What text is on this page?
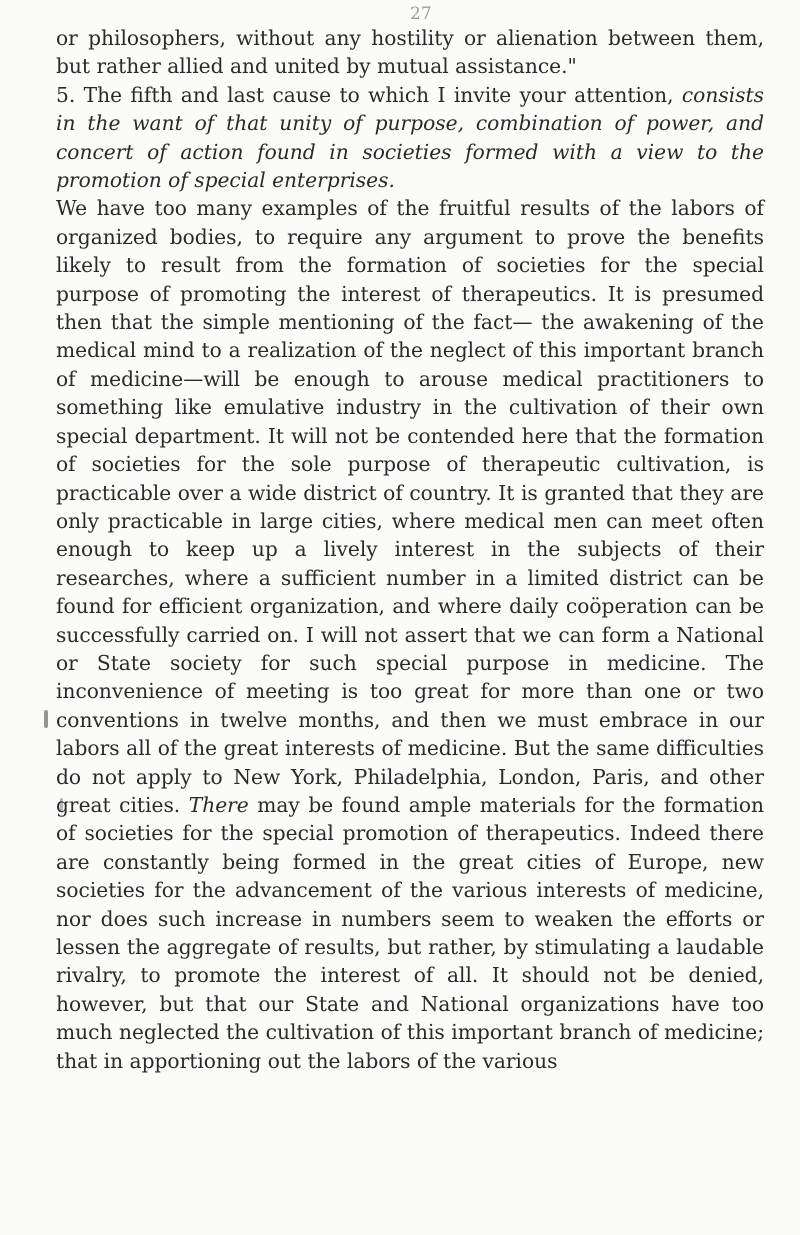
27

or philosophers, without any hostility or alienation between them, but rather allied and united by mutual assistance."

5. The fifth and last cause to which I invite your attention, consists in the want of that unity of purpose, combination of power, and concert of action found in societies formed with a view to the promotion of special enterprises.

We have too many examples of the fruitful results of the labors of organized bodies, to require any argument to prove the benefits likely to result from the formation of societies for the special purpose of promoting the interest of therapeutics. It is presumed then that the simple mentioning of the fact— the awakening of the medical mind to a realization of the neglect of this important branch of medicine—will be enough to arouse medical practitioners to something like emulative industry in the cultivation of their own special department. It will not be contended here that the formation of societies for the sole purpose of therapeutic cultivation, is practicable over a wide district of country. It is granted that they are only practicable in large cities, where medical men can meet often enough to keep up a lively interest in the subjects of their researches, where a sufficient number in a limited district can be found for efficient organization, and where daily coöperation can be successfully carried on. I will not assert that we can form a National or State society for such special purpose in medicine. The inconvenience of meeting is too great for more than one or two conventions in twelve months, and then we must embrace in our labors all of the great interests of medicine. But the same difficulties do not apply to New York, Philadelphia, London, Paris, and other great cities. There may be found ample materials for the formation of societies for the special promotion of therapeutics. Indeed there are constantly being formed in the great cities of Europe, new societies for the advancement of the various interests of medicine, nor does such increase in numbers seem to weaken the efforts or lessen the aggregate of results, but rather, by stimulating a laudable rivalry, to promote the interest of all. It should not be denied, however, but that our State and National organizations have too much neglected the cultivation of this important branch of medicine; that in apportioning out the labors of the various
